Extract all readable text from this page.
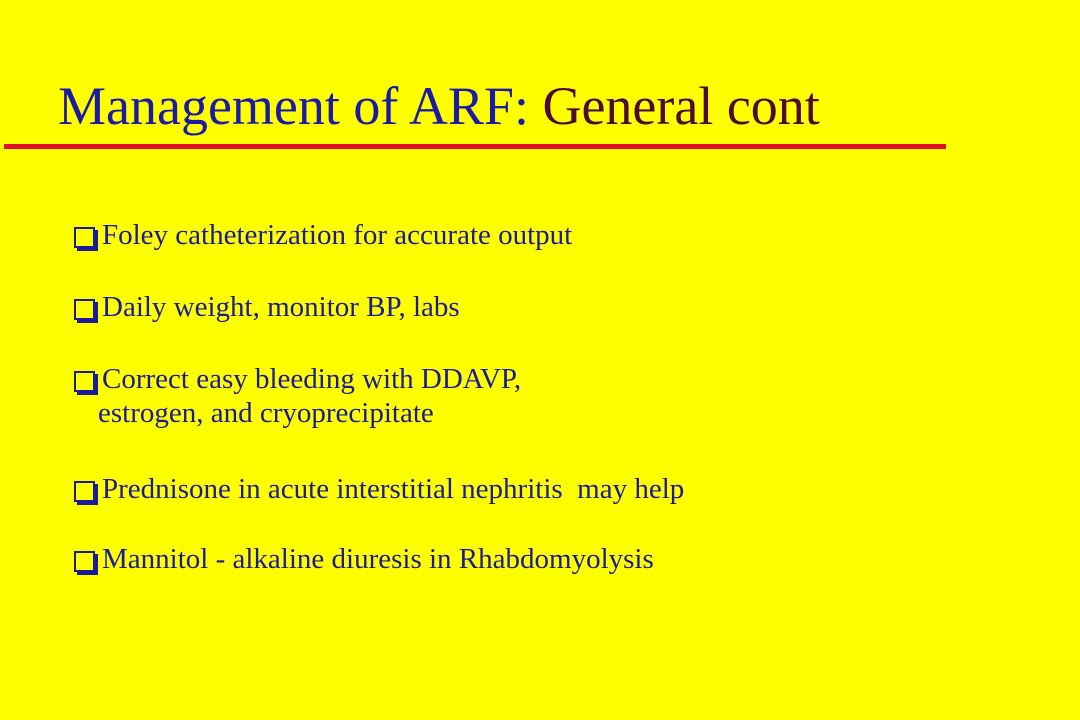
Management of ARF: General cont
Foley catheterization for accurate output
Daily weight, monitor BP, labs
Correct easy bleeding with DDAVP,
estrogen, and cryoprecipitate
Prednisone in acute interstitial nephritis  may help
Mannitol - alkaline diuresis in Rhabdomyolysis
